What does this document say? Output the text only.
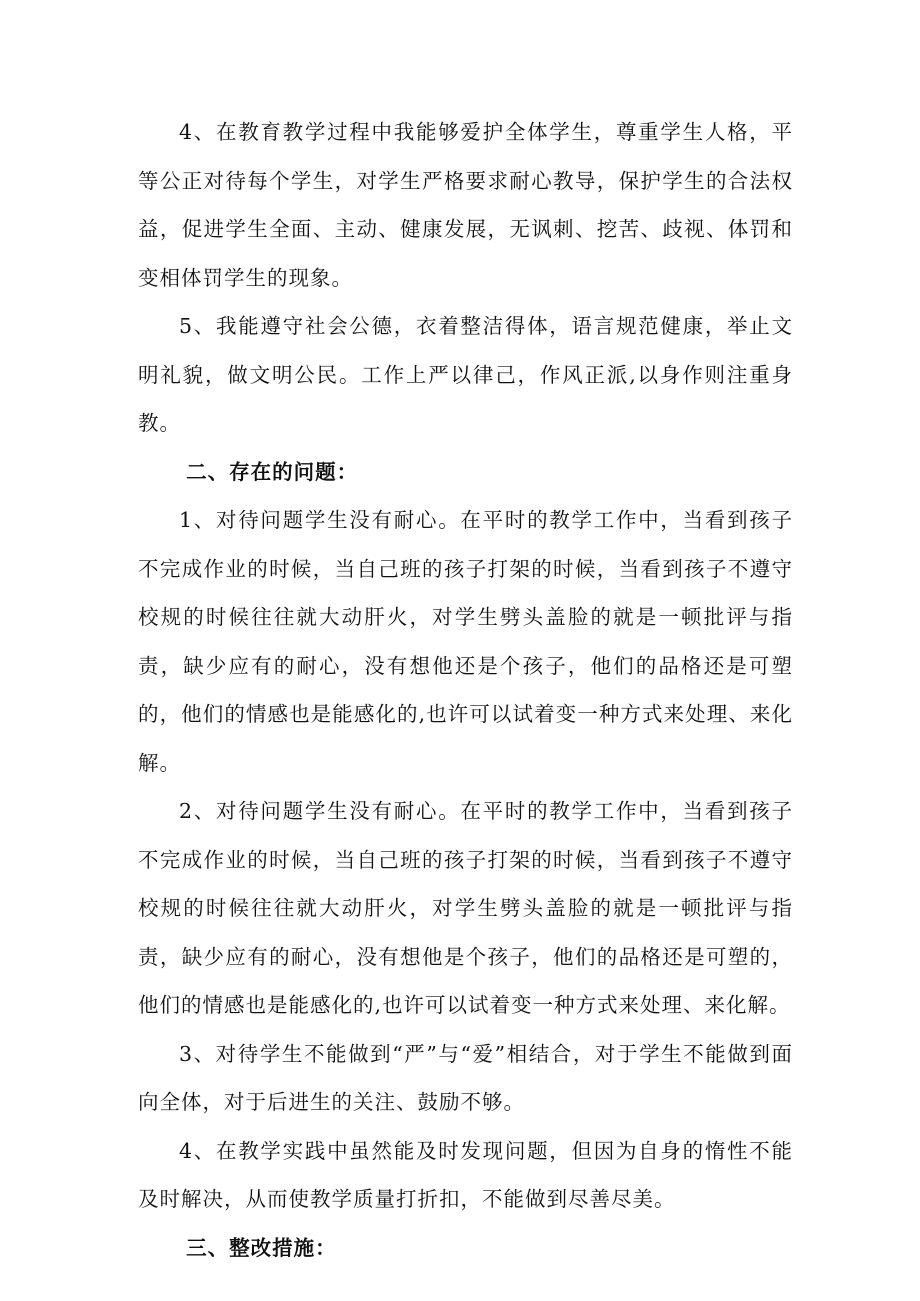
4、在教育教学过程中我能够爱护全体学生，尊重学生人格，平等公正对待每个学生，对学生严格要求耐心教导，保护学生的合法权益，促进学生全面、主动、健康发展，无讽刺、挖苦、歧视、体罚和变相体罚学生的现象。

5、我能遵守社会公德，衣着整洁得体，语言规范健康，举止文明礼貌，做文明公民。工作上严以律己，作风正派,以身作则注重身教。

二、存在的问题：

1、对待问题学生没有耐心。在平时的教学工作中，当看到孩子不完成作业的时候，当自己班的孩子打架的时候，当看到孩子不遵守校规的时候往往就大动肝火，对学生劈头盖脸的就是一顿批评与指责，缺少应有的耐心，没有想他还是个孩子，他们的品格还是可塑的，他们的情感也是能感化的,也许可以试着变一种方式来处理、来化解。

2、对待问题学生没有耐心。在平时的教学工作中，当看到孩子不完成作业的时候，当自己班的孩子打架的时候，当看到孩子不遵守校规的时候往往就大动肝火，对学生劈头盖脸的就是一顿批评与指责，缺少应有的耐心，没有想他是个孩子，他们的品格还是可塑的，他们的情感也是能感化的,也许可以试着变一种方式来处理、来化解。

3、对待学生不能做到“严”与“爱”相结合，对于学生不能做到面向全体，对于后进生的关注、鼓励不够。

4、在教学实践中虽然能及时发现问题，但因为自身的惰性不能及时解决，从而使教学质量打折扣，不能做到尽善尽美。

三、整改措施：
